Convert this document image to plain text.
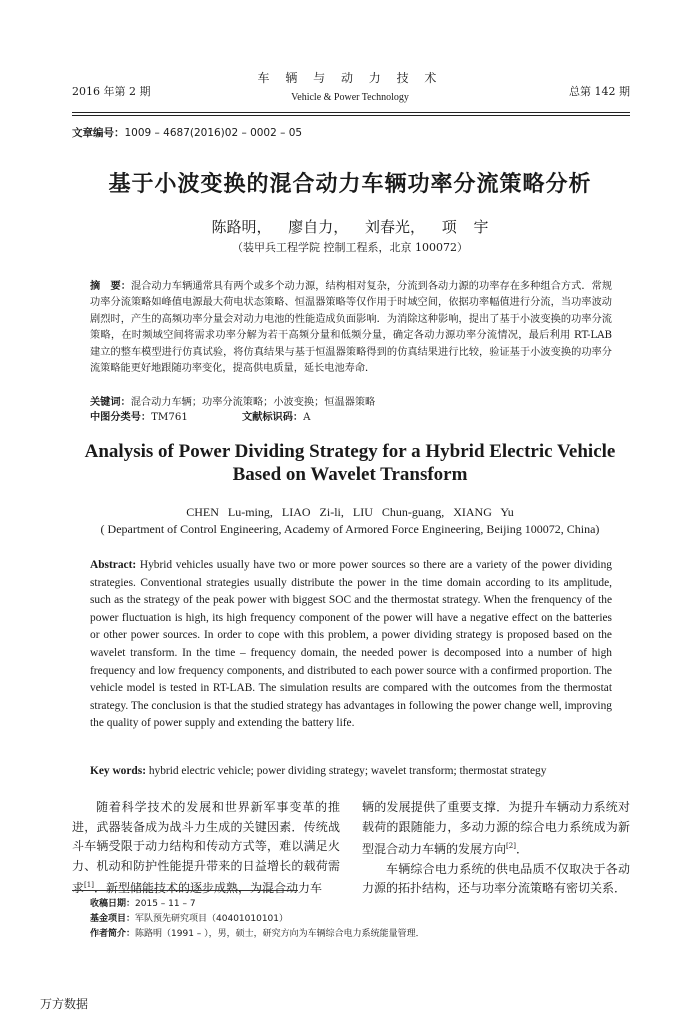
2016 年第 2 期
车 辆 与 动 力 技 术
Vehicle & Power Technology	总第 142 期
文章编号：1009 – 4687(2016)02 – 0002 – 05
基于小波变换的混合动力车辆功率分流策略分析
陈路明， 廖自力， 刘春光， 项 宇
（装甲兵工程学院 控制工程系，北京 100072）
摘　要：混合动力车辆通常具有两个或多个动力源，结构相对复杂，分流到各动力源的功率存在多种组合方式．常规功率分流策略如峰值电源最大荷电状态策略、恒温器策略等仅作用于时域空间，依据功率幅值进行分流，当功率波动剧烈时，产生的高频功率分量会对动力电池的性能造成负面影响．为消除这种影响，提出了基于小波变换的功率分流策略，在时频域空间将需求功率分解为若干高频分量和低频分量，确定各动力源功率分流情况，最后利用 RT-LAB 建立的整车模型进行仿真试验，将仿真结果与基于恒温器策略得到的仿真结果进行比较，验证基于小波变换的功率分流策略能更好地跟随功率变化，提高供电质量，延长电池寿命．
关键词：混合动力车辆；功率分流策略；小波变换；恒温器策略
中图分类号：TM761	文献标识码：A
Analysis of Power Dividing Strategy for a Hybrid Electric Vehicle
Based on Wavelet Transform
CHEN Lu-ming, LIAO Zi-li, LIU Chun-guang, XIANG Yu
( Department of Control Engineering, Academy of Armored Force Engineering, Beijing 100072, China)
Abstract: Hybrid vehicles usually have two or more power sources so there are a variety of the power dividing strategies. Conventional strategies usually distribute the power in the time domain according to its amplitude, such as the strategy of the peak power with biggest SOC and the thermostat strategy. When the frenquency of the power fluctuation is high, its high frequency component of the power will have a negative effect on the batteries or other power sources. In order to cope with this problem, a power dividing strategy is proposed based on the wavelet transform. In the time – frequency domain, the needed power is decomposed into a number of high frequency and low frequency components, and distributed to each power source with a confirmed proportion. The vehicle model is tested in RT-LAB. The simulation results are compared with the outcomes from the thermostat strategy. The conclusion is that the studied strategy has advantages in following the power change well, improving the quality of power supply and extending the battery life.
Key words: hybrid electric vehicle; power dividing strategy; wavelet transform; thermostat strategy
随着科学技术的发展和世界新军事变革的推进，武器装备成为战斗力生成的关键因素．传统战斗车辆受限于动力结构和传动方式等，难以满足火力、机动和防护性能提升带来的日益增长的载荷需求[1]．新型储能技术的逐步成熟，为混合动力车
辆的发展提供了重要支撑．为提升车辆动力系统对载荷的跟随能力，多动力源的综合电力系统成为新型混合动力车辆的发展方向[2]．
车辆综合电力系统的供电品质不仅取决于各动力源的拓扑结构，还与功率分流策略有密切关系．
收稿日期：2015 – 11 – 7
基金项目：军队预先研究项目（40401010101）
作者简介：陈路明（1991 – ），男，硕士，研究方向为车辆综合电力系统能量管理．
万方数据
